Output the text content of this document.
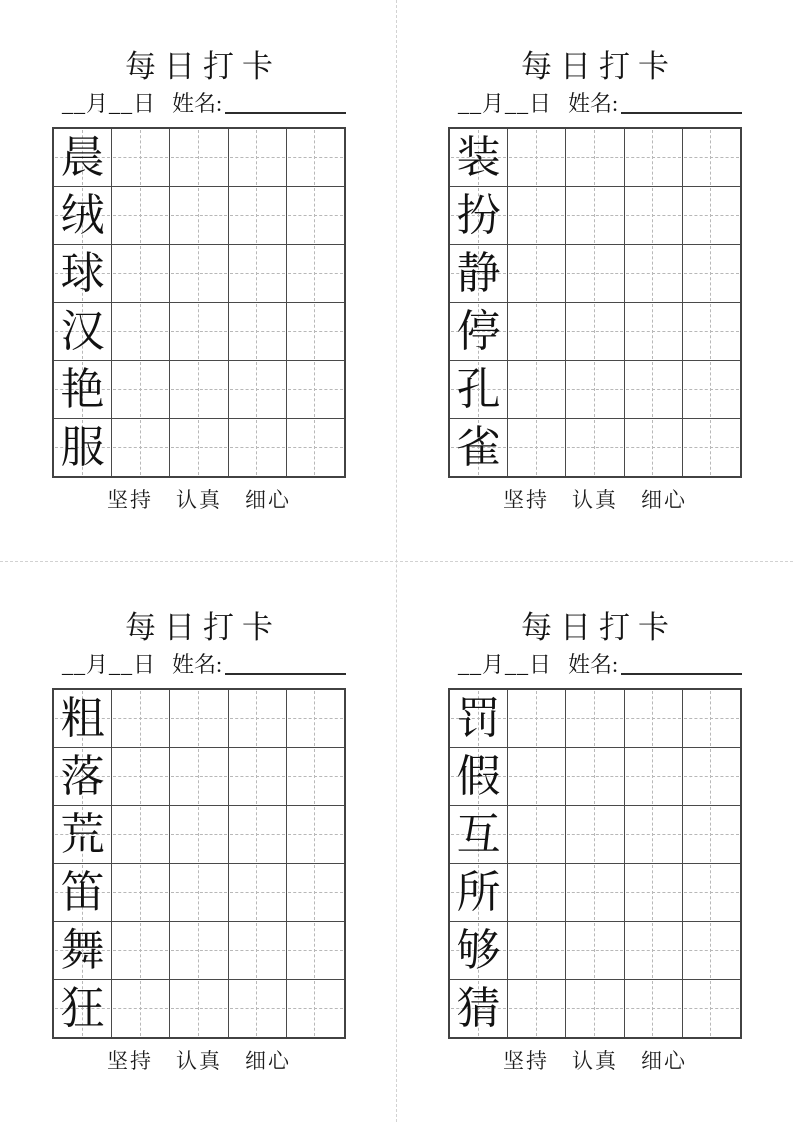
每日打卡
__月__日 姓名:
晨
绒
球
汉
艳
服
坚持 认真 细心
每日打卡
__月__日 姓名:
装
扮
静
停
孔
雀
坚持 认真 细心
每日打卡
__月__日 姓名:
粗
落
荒
笛
舞
狂
坚持 认真 细心
每日打卡
__月__日 姓名:
罚
假
互
所
够
猜
坚持 认真 细心
